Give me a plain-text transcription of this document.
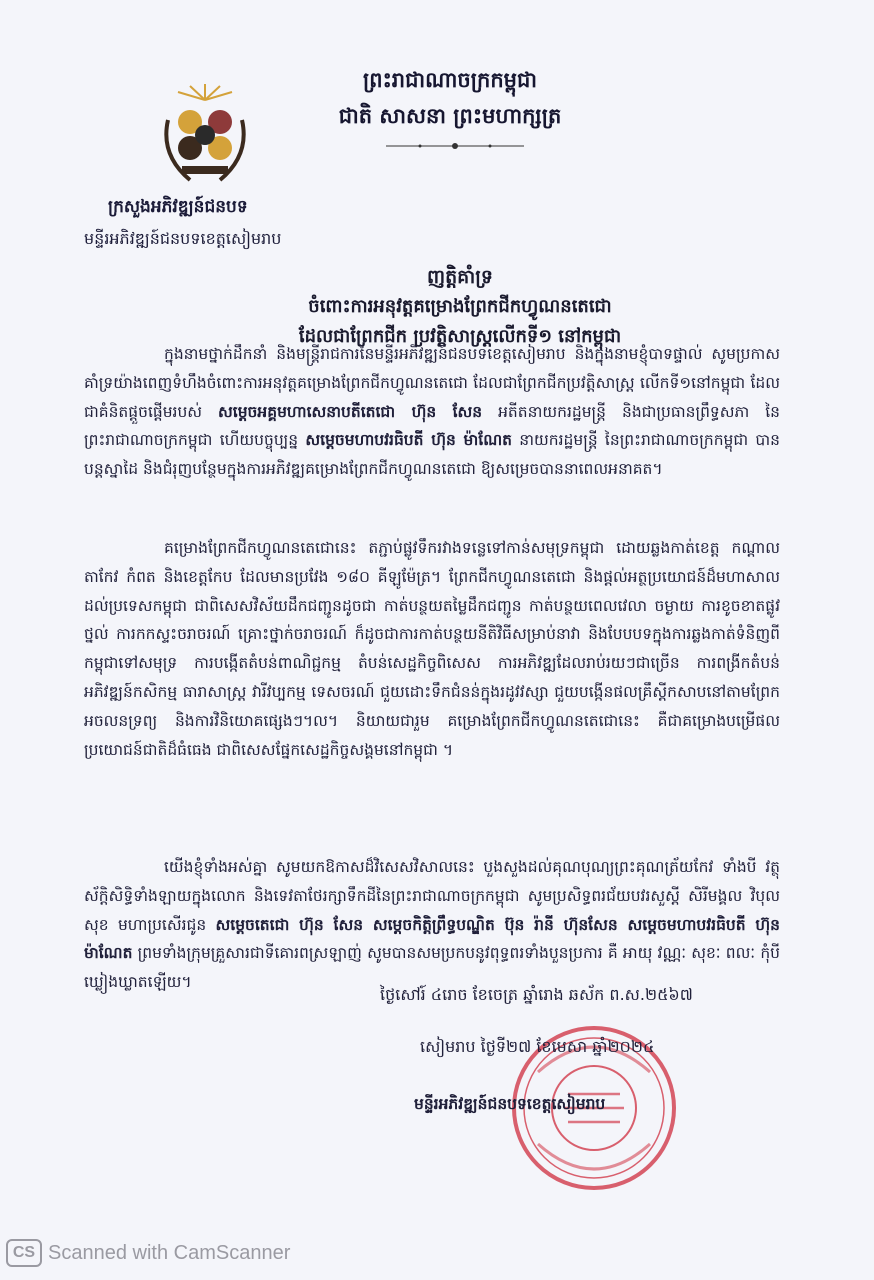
ព្រះរាជាណាចក្រកម្ពុជា
ជាតិ សាសនា ព្រះមហាក្សត្រ
ក្រសួងអភិវឌ្ឍន៍ជនបទ
មន្ទីរអភិវឌ្ឍន៍ជនបទខេត្តសៀមរាប
ញត្តិគាំទ្រ
ចំពោះការអនុវត្តគម្រោងព្រែកជីកហ្វូណនតេជោ
ដែលជាព្រែកជីក ប្រវត្តិសាស្ត្រលើកទី១ នៅកម្ពុជា

ក្នុងនាមថ្នាក់ដឹកនាំ និងមន្ត្រីរាជការនៃមន្ទីរអភិវឌ្ឍន៍ជនបទខេត្តសៀមរាប និងក្នុងនាមខ្ញុំបាទផ្ទាល់ សូមប្រកាសគាំទ្រយ៉ាងពេញទំហឹងចំពោះការអនុវត្តគម្រោងព្រែកជីកហ្វូណនតេជោ ដែលជាព្រែកជីកប្រវត្តិសាស្ត្រ លើកទី១នៅកម្ពុជា ដែលជាគំនិតផ្តួចផ្តើមរបស់ សម្តេចអគ្គមហាសេនាបតីតេជោ ហ៊ុន សែន អតីតនាយករដ្ឋមន្ត្រី និងជាប្រធានព្រឹទ្ធសភា នៃព្រះរាជាណាចក្រកម្ពុជា ហើយបច្ចុប្បន្ន សម្តេចមហាបវរធិបតី ហ៊ុន ម៉ាណែត នាយករដ្ឋមន្ត្រី នៃព្រះរាជាណាចក្រកម្ពុជា បានបន្តស្នាដៃ និងជំរុញបន្ថែមក្នុងការអភិវឌ្ឍគម្រោងព្រែកជីកហ្វូណនតេជោ ឱ្យសម្រេចបាននាពេលអនាគត។

គម្រោងព្រែកជីកហ្វូណនតេជោនេះ តភ្ជាប់ផ្លូវទឹករវាងទន្លេទៅកាន់សមុទ្រកម្ពុជា ដោយឆ្លងកាត់ខេត្ត កណ្តាល តាកែវ កំពត និងខេត្តកែប ដែលមានប្រវែង ១៨០ គីឡូម៉ែត្រ។ ព្រែកជីកហ្វូណនតេជោ និងផ្តល់អត្ថប្រយោជន៍ដ៏មហាសាលដល់ប្រទេសកម្ពុជា ជាពិសេសវិស័យដឹកជញ្ជូនដូចជា កាត់បន្ថយតម្លៃដឹកជញ្ជូន កាត់បន្ថយពេលវេលា ចម្ងាយ ការខូចខាតផ្លូវថ្នល់ ការកកស្ទះចរាចរណ៍ គ្រោះថ្នាក់ចរាចរណ៍ ក៏ដូចជាការកាត់បន្ថយនីតិវិធីសម្រាប់នាវា និងបែបបទក្នុងការឆ្លងកាត់ទំនិញពីកម្ពុជាទៅសមុទ្រ ការបង្កើតតំបន់ពាណិជ្ជកម្ម តំបន់សេដ្ឋកិច្ចពិសេស ការអភិវឌ្ឍដែលរាប់រយៗជាច្រើន ការពង្រីកតំបន់អភិវឌ្ឍន៍កសិកម្ម ធារាសាស្ត្រ វារីវប្បកម្ម ទេសចរណ៍ ជួយដោះទឹកជំនន់ក្នុងរដូវវស្សា ជួយបង្កើនផលគ្រឹស្តីកសាបនៅតាមព្រែក អចលនទ្រព្យ និងការវិនិយោគផ្សេងៗ។ល។ និយាយជារួម គម្រោងព្រែកជីកហ្វូណនតេជោនេះ គឺជាគម្រោងបម្រើផលប្រយោជន៍ជាតិដ៏ធំធេង ជាពិសេសផ្នែកសេដ្ឋកិច្ចសង្គមនៅកម្ពុជា ។

យើងខ្ញុំទាំងអស់គ្នា សូមយកឱកាសដ៏វិសេសវិសាលនេះ បួងសួងដល់គុណបុណ្យព្រះគុណត្រ័យកែវ ទាំងបី វត្ថុស័ក្តិសិទ្ធិទាំងឡាយក្នុងលោក និងទេវតាថែរក្សាទឹកដីនៃព្រះរាជាណាចក្រកម្ពុជា សូមប្រសិទ្ធពរជ័យបវរសួស្តី សិរីមង្គល វិបុលសុខ មហាប្រសើរជូន សម្តេចតេជោ ហ៊ុន សែន សម្តេចកិត្តិព្រឹទ្ធបណ្ឌិត ប៊ុន រ៉ានី ហ៊ុនសែន សម្តេចមហាបវរធិបតី ហ៊ុន ម៉ាណែត ព្រមទាំងក្រុមគ្រួសារជាទីគោរពស្រឡាញ់ សូមបានសមប្រកបនូវពុទ្ធពរទាំងបួនប្រការ គឺ អាយុ វណ្ណៈ សុខៈ ពលៈ កុំបីឃ្លៀងឃ្លាតឡើយ។

ថ្ងៃសៅរ៍ ៤រោច ខែចេត្រ ឆ្នាំរោង ឆស័ក ព.ស.២៥៦៧
សៀមរាប ថ្ងៃទី២៧ ខែមេសា ឆ្នាំ២០២៤
មន្ទីរអភិវឌ្ឍន៍ជនបទខេត្តសៀមរាប
CS Scanned with CamScanner
